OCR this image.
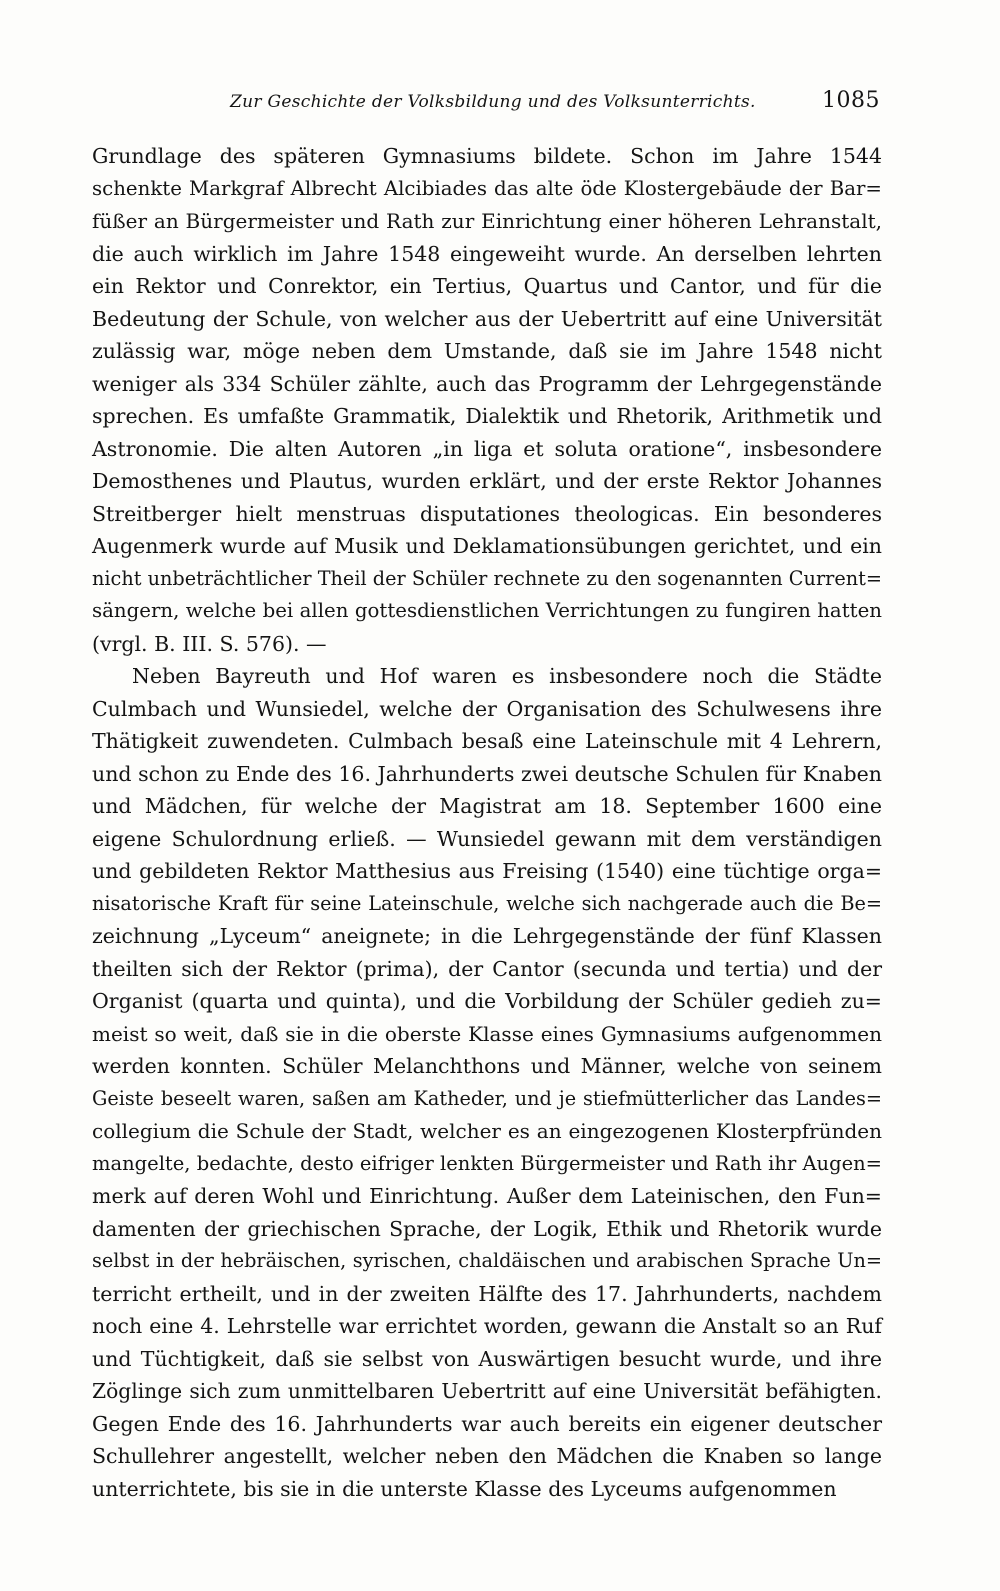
Zur Geschichte der Volksbildung und des Volksunterrichts.	1085
Grundlage des späteren Gymnasiums bildete. Schon im Jahre 1544
schenkte Markgraf Albrecht Alcibiades das alte öde Klostergebäude der Bar=
füßer an Bürgermeister und Rath zur Einrichtung einer höheren Lehranstalt,
die auch wirklich im Jahre 1548 eingeweiht wurde. An derselben lehrten
ein Rektor und Conrektor, ein Tertius, Quartus und Cantor, und für die
Bedeutung der Schule, von welcher aus der Uebertritt auf eine Universität
zulässig war, möge neben dem Umstande, daß sie im Jahre 1548 nicht
weniger als 334 Schüler zählte, auch das Programm der Lehrgegenstände
sprechen. Es umfaßte Grammatik, Dialektik und Rhetorik, Arithmetik und
Astronomie. Die alten Autoren „in liga et soluta oratione“, insbesondere
Demosthenes und Plautus, wurden erklärt, und der erste Rektor Johannes
Streitberger hielt menstruas disputationes theologicas. Ein besonderes
Augenmerk wurde auf Musik und Deklamationsübungen gerichtet, und ein
nicht unbeträchtlicher Theil der Schüler rechnete zu den sogenannten Current=
sängern, welche bei allen gottesdienstlichen Verrichtungen zu fungiren hatten
(vrgl. B. III. S. 576). —
Neben Bayreuth und Hof waren es insbesondere noch die Städte
Culmbach und Wunsiedel, welche der Organisation des Schulwesens ihre
Thätigkeit zuwendeten. Culmbach besaß eine Lateinschule mit 4 Lehrern,
und schon zu Ende des 16. Jahrhunderts zwei deutsche Schulen für Knaben
und Mädchen, für welche der Magistrat am 18. September 1600 eine
eigene Schulordnung erließ. — Wunsiedel gewann mit dem verständigen
und gebildeten Rektor Matthesius aus Freising (1540) eine tüchtige orga=
nisatorische Kraft für seine Lateinschule, welche sich nachgerade auch die Be=
zeichnung „Lyceum“ aneignete; in die Lehrgegenstände der fünf Klassen
theilten sich der Rektor (prima), der Cantor (secunda und tertia) und der
Organist (quarta und quinta), und die Vorbildung der Schüler gedieh zu=
meist so weit, daß sie in die oberste Klasse eines Gymnasiums aufgenommen
werden konnten. Schüler Melanchthons und Männer, welche von seinem
Geiste beseelt waren, saßen am Katheder, und je stiefmütterlicher das Landes=
collegium die Schule der Stadt, welcher es an eingezogenen Klosterpfründen
mangelte, bedachte, desto eifriger lenkten Bürgermeister und Rath ihr Augen=
merk auf deren Wohl und Einrichtung. Außer dem Lateinischen, den Fun=
damenten der griechischen Sprache, der Logik, Ethik und Rhetorik wurde
selbst in der hebräischen, syrischen, chaldäischen und arabischen Sprache Un=
terricht ertheilt, und in der zweiten Hälfte des 17. Jahrhunderts, nachdem
noch eine 4. Lehrstelle war errichtet worden, gewann die Anstalt so an Ruf
und Tüchtigkeit, daß sie selbst von Auswärtigen besucht wurde, und ihre
Zöglinge sich zum unmittelbaren Uebertritt auf eine Universität befähigten.
Gegen Ende des 16. Jahrhunderts war auch bereits ein eigener deutscher
Schullehrer angestellt, welcher neben den Mädchen die Knaben so lange
unterrichtete, bis sie in die unterste Klasse des Lyceums aufgenommen
